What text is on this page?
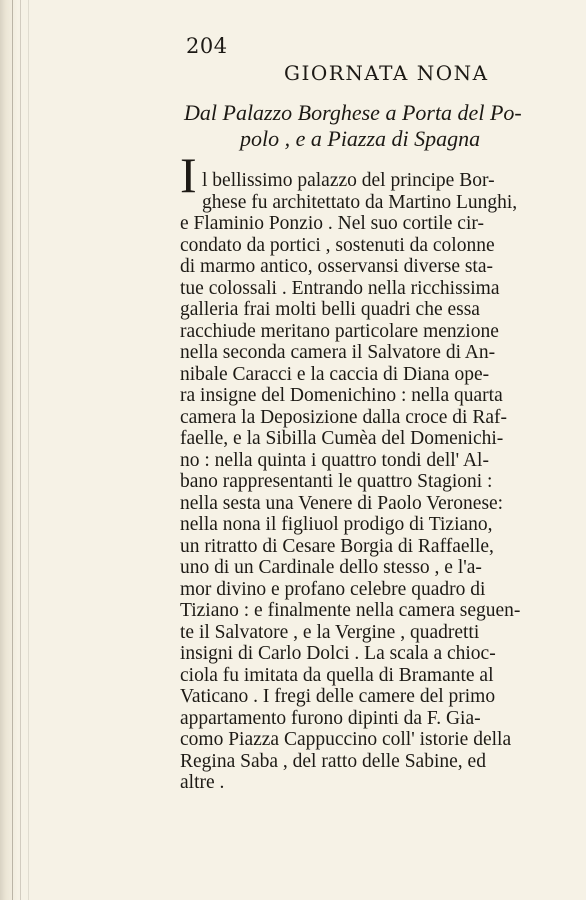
204
GIORNATA NONA
Dal Palazzo Borghese a Porta del Po-
polo , e a Piazza di Spagna
I l bellissimo palazzo del principe Bor-
ghese fu architettato da Martino Lunghi,
e Flaminio Ponzio . Nel suo cortile cir-
condato da portici , sostenuti da colonne
di marmo antico, osservansi diverse sta-
tue colossali . Entrando nella ricchissima
galleria frai molti belli quadri che essa
racchiude meritano particolare menzione
nella seconda camera il Salvatore di An-
nibale Caracci e la caccia di Diana ope-
ra insigne del Domenichino : nella quarta
camera la Deposizione dalla croce di Raf-
faelle, e la Sibilla Cumèa del Domenichi-
no : nella quinta i quattro tondi dell' Al-
bano rappresentanti le quattro Stagioni :
nella sesta una Venere di Paolo Veronese:
nella nona il figliuol prodigo di Tiziano,
un ritratto di Cesare Borgia di Raffaelle,
uno di un Cardinale dello stesso , e l'a-
mor divino e profano celebre quadro di
Tiziano : e finalmente nella camera seguen-
te il Salvatore , e la Vergine , quadretti
insigni di Carlo Dolci . La scala a chioc-
ciola fu imitata da quella di Bramante al
Vaticano . I fregi delle camere del primo
appartamento furono dipinti da F. Gia-
como Piazza Cappuccino coll' istorie della
Regina Saba , del ratto delle Sabine, ed
altre .
